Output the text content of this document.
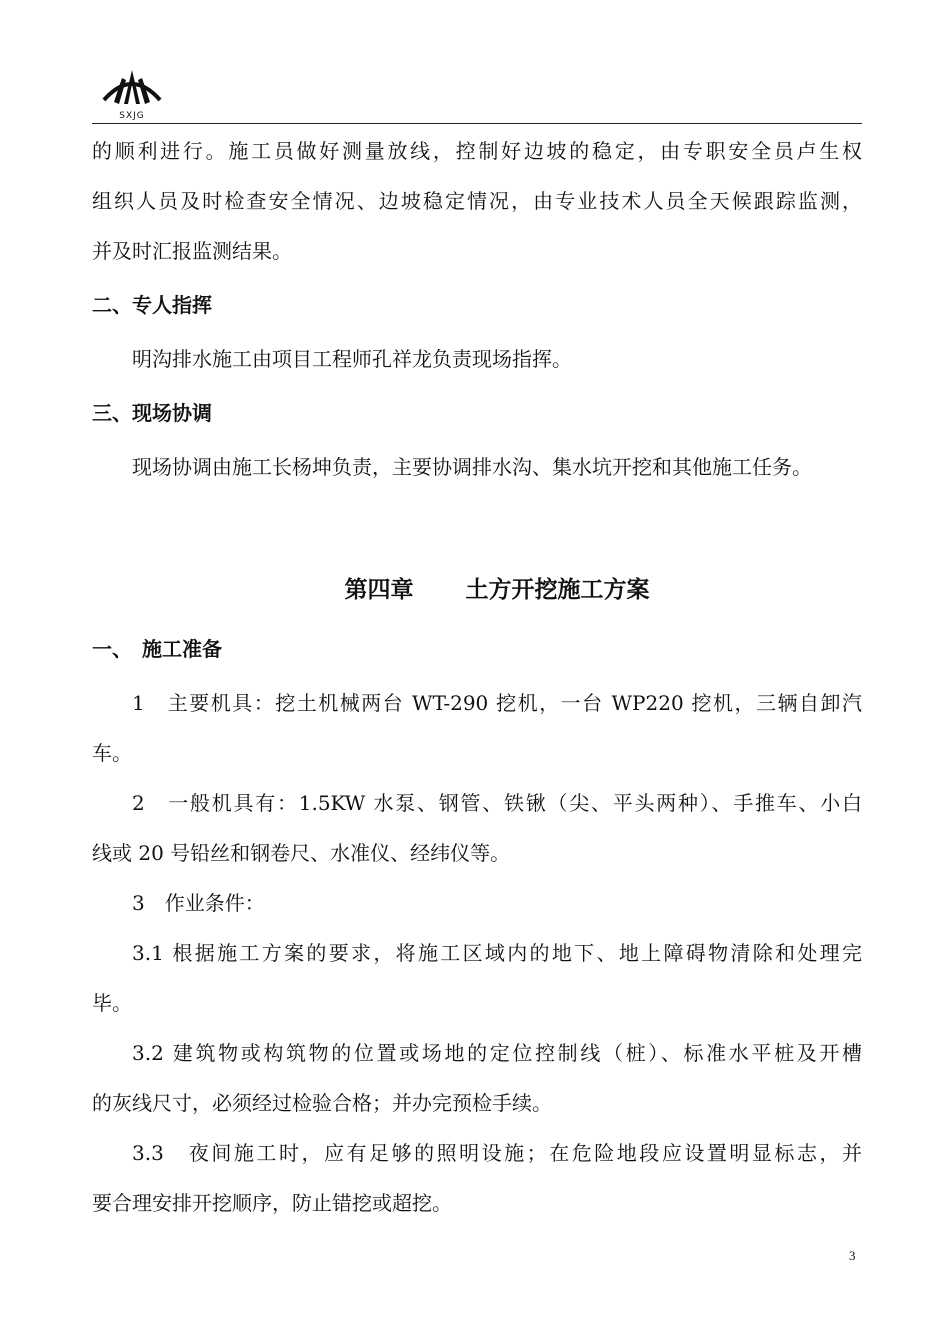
SXJG

的顺利进行。施工员做好测量放线，控制好边坡的稳定，由专职安全员卢生权

组织人员及时检查安全情况、边坡稳定情况，由专业技术人员全天候跟踪监测，

并及时汇报监测结果。

二、专人指挥

明沟排水施工由项目工程师孔祥龙负责现场指挥。

三、现场协调

现场协调由施工长杨坤负责，主要协调排水沟、集水坑开挖和其他施工任务。

第四章 土方开挖施工方案

一、　施工准备

1　主要机具：挖土机械两台 WT-290 挖机，一台 WP220 挖机，三辆自卸汽

车。

2　一般机具有：1.5KW 水泵、钢管、铁锹（尖、平头两种）、手推车、小白

线或 20 号铅丝和钢卷尺、水准仪、经纬仪等。

3　作业条件：

3.1 根据施工方案的要求，将施工区域内的地下、地上障碍物清除和处理完

毕。

3.2 建筑物或构筑物的位置或场地的定位控制线（桩）、标准水平桩及开槽

的灰线尺寸，必须经过检验合格；并办完预检手续。

3.3　夜间施工时，应有足够的照明设施；在危险地段应设置明显标志，并

要合理安排开挖顺序，防止错挖或超挖。

3
